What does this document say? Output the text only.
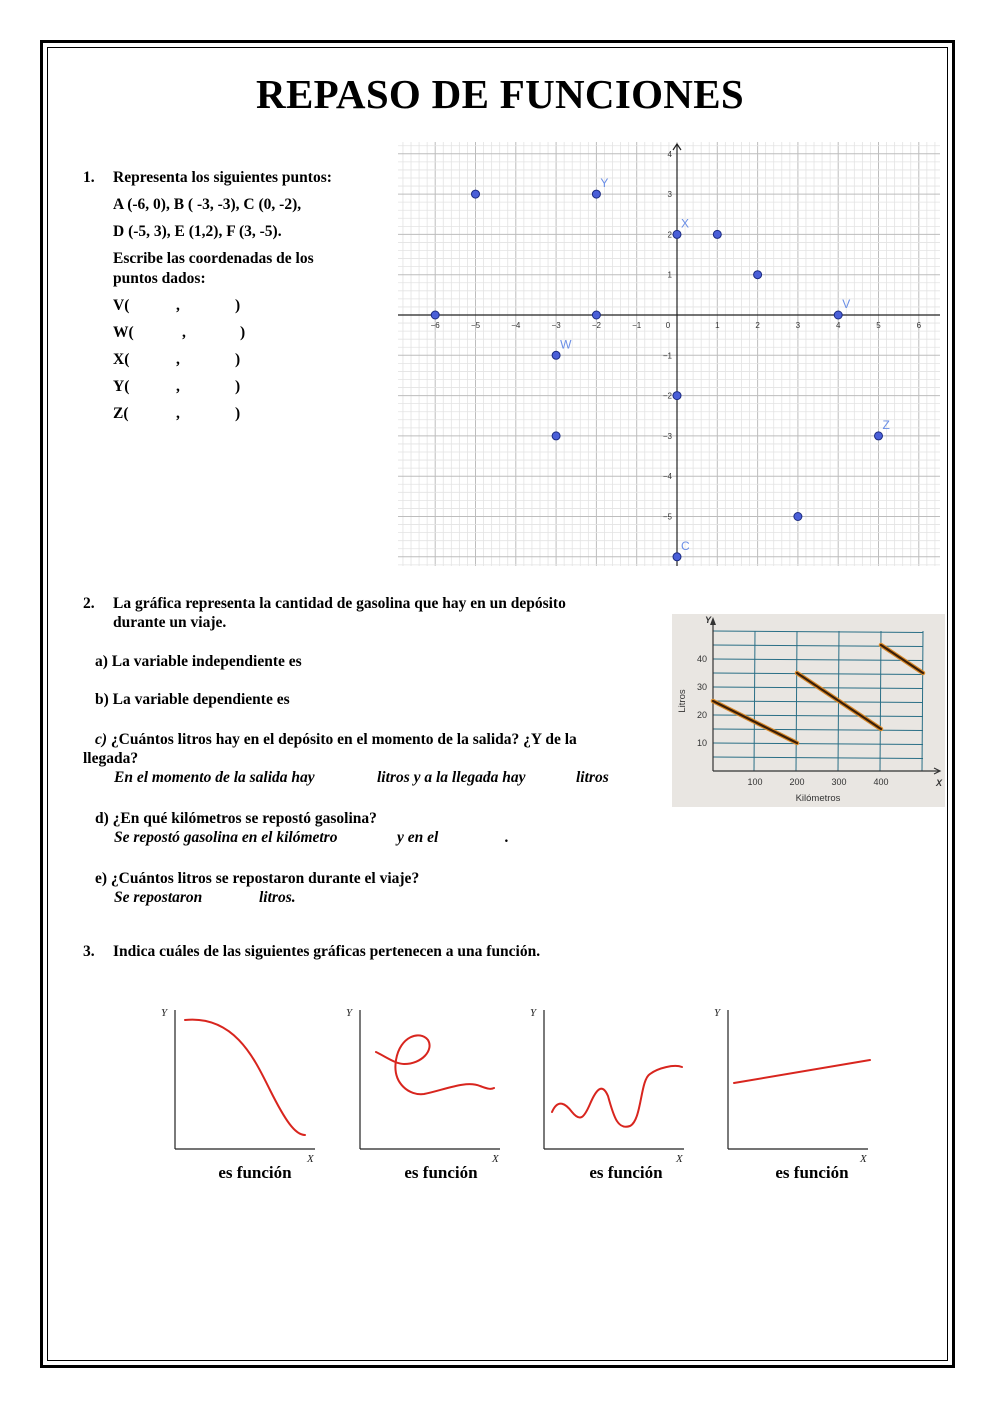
REPASO DE FUNCIONES
1. Representa los siguientes puntos:
A (-6, 0), B ( -3, -3), C (0, -2),
D (-5, 3), E (1,2), F (3, -5).
Escribe las coordenadas de los
puntos dados:
V(	,	)
W(	,	)
X(	,	)
Y(	,	)
Z(	,	)
−6	−5	−4	−3	−2	−1	0	1	2	3	4	5	6
4
3
2
1
−1
−2
−3
−4
−5
Y
X
V
W
Z
C
2. La gráfica representa la cantidad de gasolina que hay en un depósito
durante un viaje.
a) La variable independiente es
b) La variable dependiente es
c) ¿Cuántos litros hay en el depósito en el momento de la salida? ¿Y de la
llegada?
En el momento de la salida hay	litros y a la llegada hay	litros
d) ¿En qué kilómetros se repostó gasolina?
Se repostó gasolina en el kilómetro	y en el	.
e) ¿Cuántos litros se repostaron durante el viaje?
Se repostaron	litros.
Y
X
100	200	300	400
10
20
30
40
Kilómetros
Litros
3. Indica cuáles de las siguientes gráficas pertenecen a una función.
Y
X
Y
X
Y
X
Y
X
es función	es función	es función	es función
